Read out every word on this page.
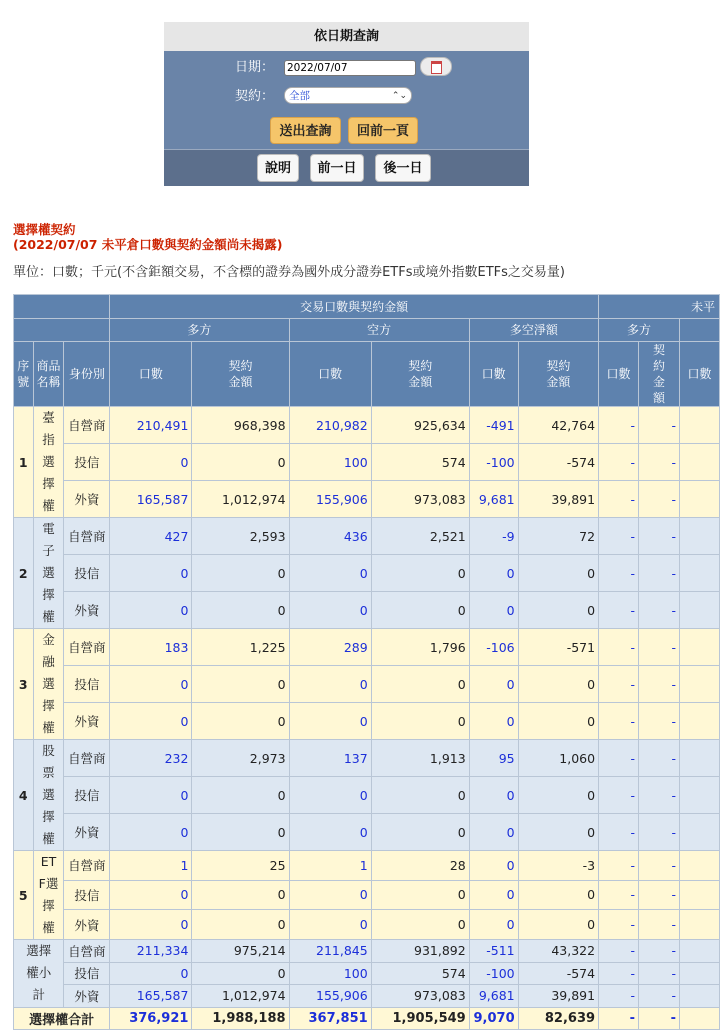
依日期查詢
日期： 2022/07/07
契約：	全部	⌃⌄
送出查詢	回前一頁
說明	前一日	後一日
選擇權契約
(2022/07/07 未平倉口數與契約金額尚未揭露)
單位：口數；千元(不含鉅額交易，不含標的證券為國外成分證券ETFs或境外指數ETFs之交易量)
			交易口數與契約金額						未平		
			多方		空方		多空淨額		多方		
序號	商品名稱	身份別	口數	契約金額	口數	契約金額	口數	契約金額	口數	契約金額	口數
1	臺指選擇權	自營商	210,491	968,398	210,982	925,634	-491	42,764	-	-	
		投信	0	0	100	574	-100	-574	-	-	
		外資	165,587	1,012,974	155,906	973,083	9,681	39,891	-	-	
2	電子選擇權	自營商	427	2,593	436	2,521	-9	72	-	-	
		投信	0	0	0	0	0	0	-	-	
		外資	0	0	0	0	0	0	-	-	
3	金融選擇權	自營商	183	1,225	289	1,796	-106	-571	-	-	
		投信	0	0	0	0	0	0	-	-	
		外資	0	0	0	0	0	0	-	-	
4	股票選擇權	自營商	232	2,973	137	1,913	95	1,060	-	-	
		投信	0	0	0	0	0	0	-	-	
		外資	0	0	0	0	0	0	-	-	
5	ETF選擇權	自營商	1	25	1	28	0	-3	-	-	
		投信	0	0	0	0	0	0	-	-	
		外資	0	0	0	0	0	0	-	-	
選擇權小計		自營商	211,334	975,214	211,845	931,892	-511	43,322	-	-	
		投信	0	0	100	574	-100	-574	-	-	
		外資	165,587	1,012,974	155,906	973,083	9,681	39,891	-	-	
選擇權合計			376,921	1,988,188	367,851	1,905,549	9,070	82,639	-	-	
